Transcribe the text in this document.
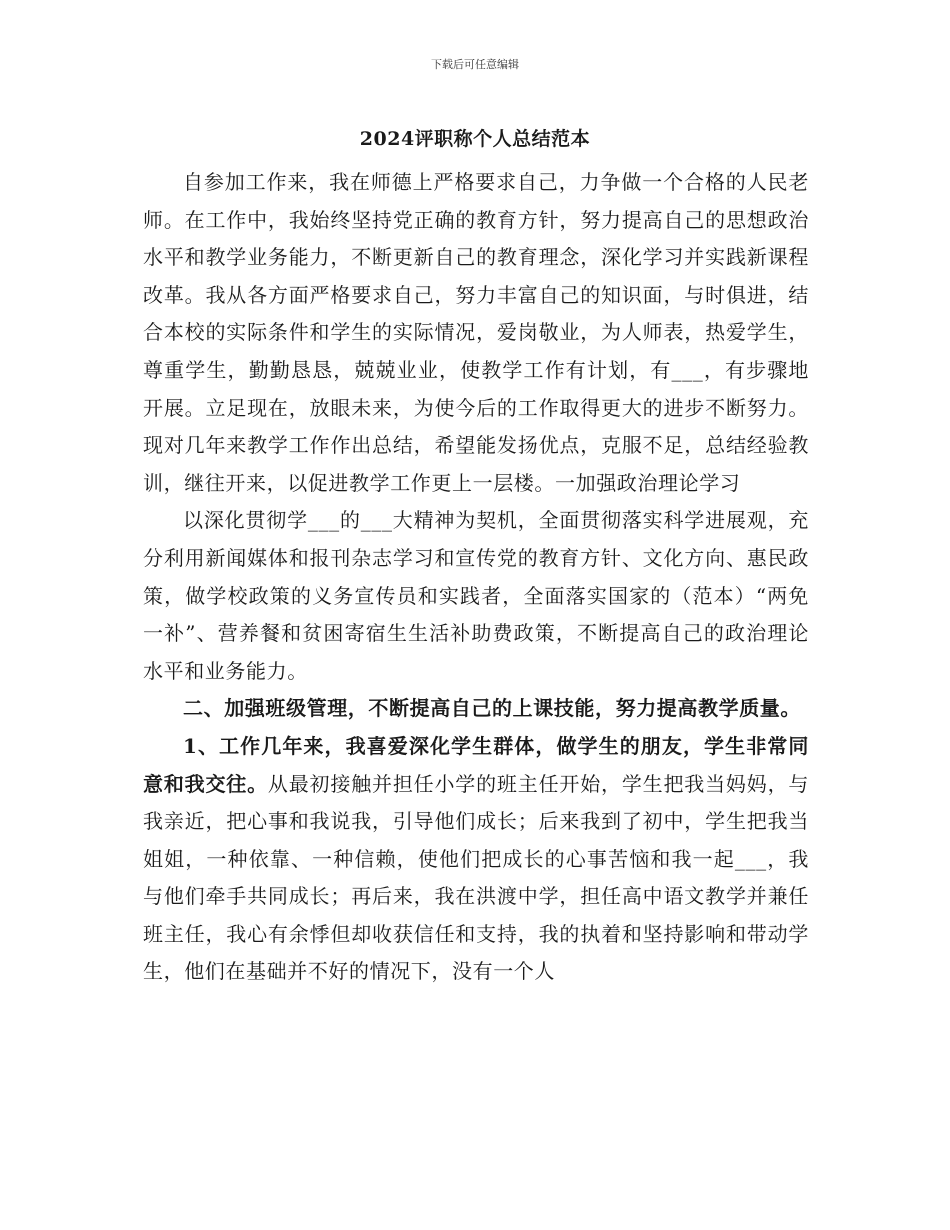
下载后可任意编辑
2024评职称个人总结范本

自参加工作来，我在师德上严格要求自己，力争做一个合格的人民老师。在工作中，我始终坚持党正确的教育方针，努力提高自己的思想政治水平和教学业务能力，不断更新自己的教育理念，深化学习并实践新课程改革。我从各方面严格要求自己，努力丰富自己的知识面，与时俱进，结合本校的实际条件和学生的实际情况，爱岗敬业，为人师表，热爱学生，尊重学生，勤勤恳恳，兢兢业业，使教学工作有计划，有___，有步骤地开展。立足现在，放眼未来，为使今后的工作取得更大的进步不断努力。现对几年来教学工作作出总结，希望能发扬优点，克服不足，总结经验教训，继往开来，以促进教学工作更上一层楼。一加强政治理论学习

以深化贯彻学___的___大精神为契机，全面贯彻落实科学进展观，充分利用新闻媒体和报刊杂志学习和宣传党的教育方针、文化方向、惠民政策，做学校政策的义务宣传员和实践者，全面落实国家的（范本）“两免一补”、营养餐和贫困寄宿生生活补助费政策，不断提高自己的政治理论水平和业务能力。

二、加强班级管理，不断提高自己的上课技能，努力提高教学质量。

1、工作几年来，我喜爱深化学生群体，做学生的朋友，学生非常同意和我交往。从最初接触并担任小学的班主任开始，学生把我当妈妈，与我亲近，把心事和我说我，引导他们成长；后来我到了初中，学生把我当姐姐，一种依靠、一种信赖，使他们把成长的心事苦恼和我一起___，我与他们牵手共同成长；再后来，我在洪渡中学，担任高中语文教学并兼任班主任，我心有余悸但却收获信任和支持，我的执着和坚持影响和带动学生，他们在基础并不好的情况下，没有一个人
